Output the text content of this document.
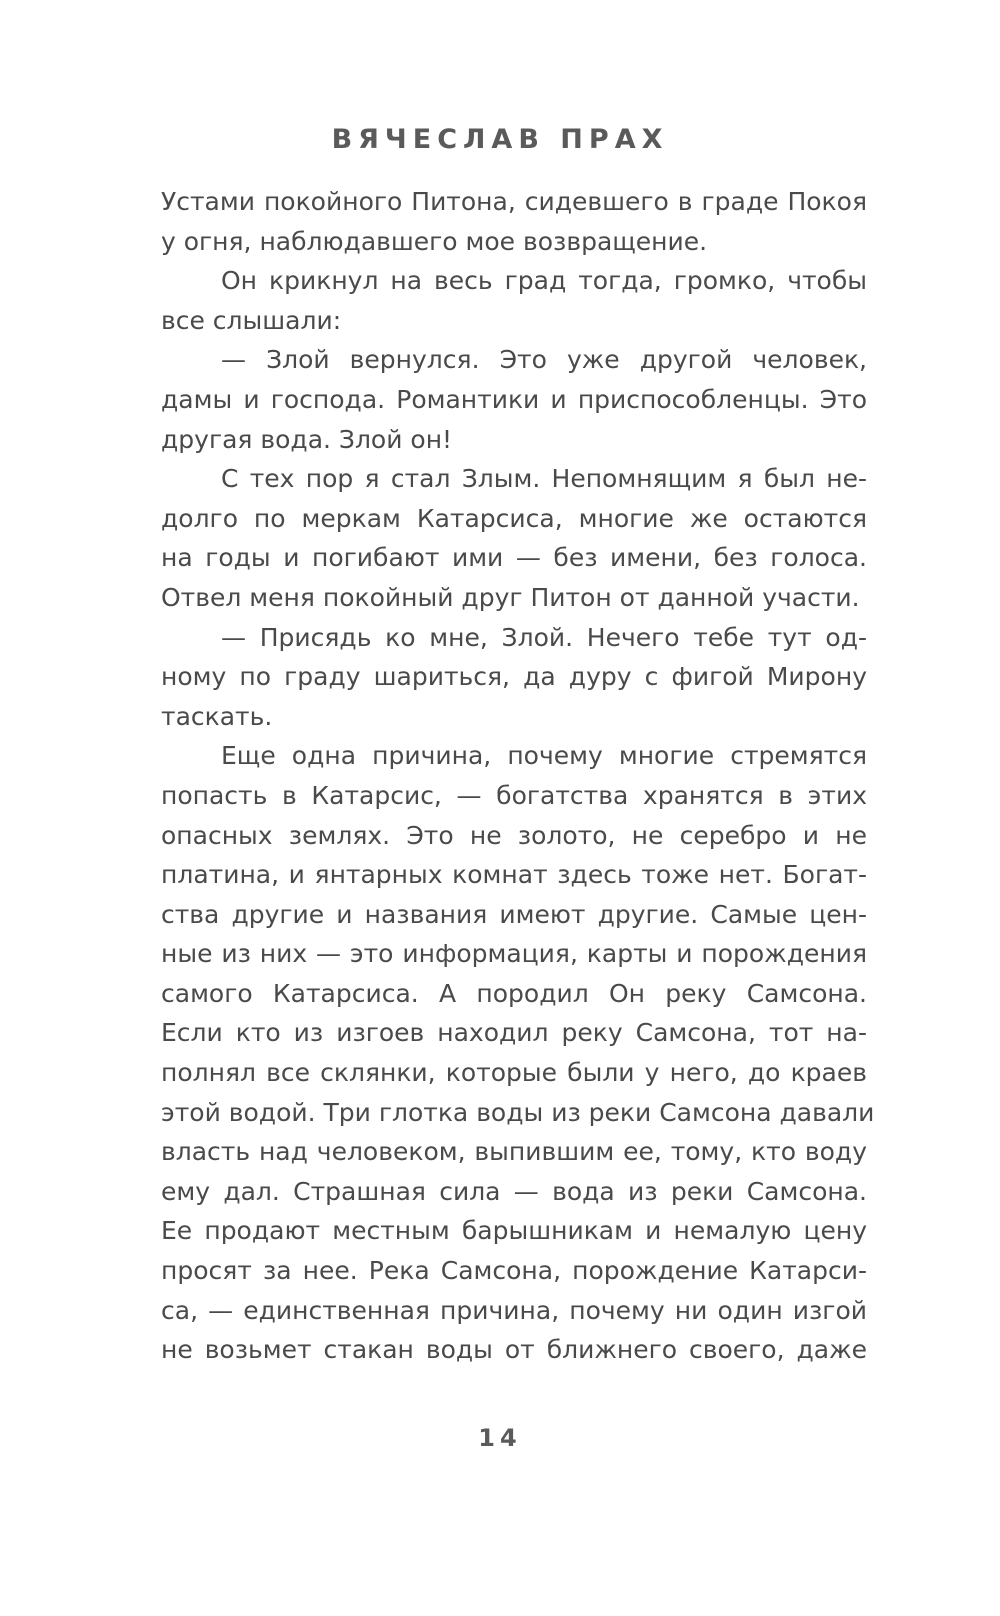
ВЯЧЕСЛАВ ПРАХ
Устами покойного Питона, сидевшего в граде Покоя
у огня, наблюдавшего мое возвращение.
Он крикнул на весь град тогда, громко, чтобы
все слышали:
— Злой вернулся. Это уже другой человек,
дамы и господа. Романтики и приспособленцы. Это
другая вода. Злой он!
С тех пор я стал Злым. Непомнящим я был не-
долго по меркам Катарсиса, многие же остаются
на годы и погибают ими — без имени, без голоса.
Отвел меня покойный друг Питон от данной участи.
— Присядь ко мне, Злой. Нечего тебе тут од-
ному по граду шариться, да дуру с фигой Мирону
таскать.
Еще одна причина, почему многие стремятся
попасть в Катарсис, — богатства хранятся в этих
опасных землях. Это не золото, не серебро и не
платина, и янтарных комнат здесь тоже нет. Богат-
ства другие и названия имеют другие. Самые цен-
ные из них — это информация, карты и порождения
самого Катарсиса. А породил Он реку Самсона.
Если кто из изгоев находил реку Самсона, тот на-
полнял все склянки, которые были у него, до краев
этой водой. Три глотка воды из реки Самсона давали
власть над человеком, выпившим ее, тому, кто воду
ему дал. Страшная сила — вода из реки Самсона.
Ее продают местным барышникам и немалую цену
просят за нее. Река Самсона, порождение Катарси-
са, — единственная причина, почему ни один изгой
не возьмет стакан воды от ближнего своего, даже
14
